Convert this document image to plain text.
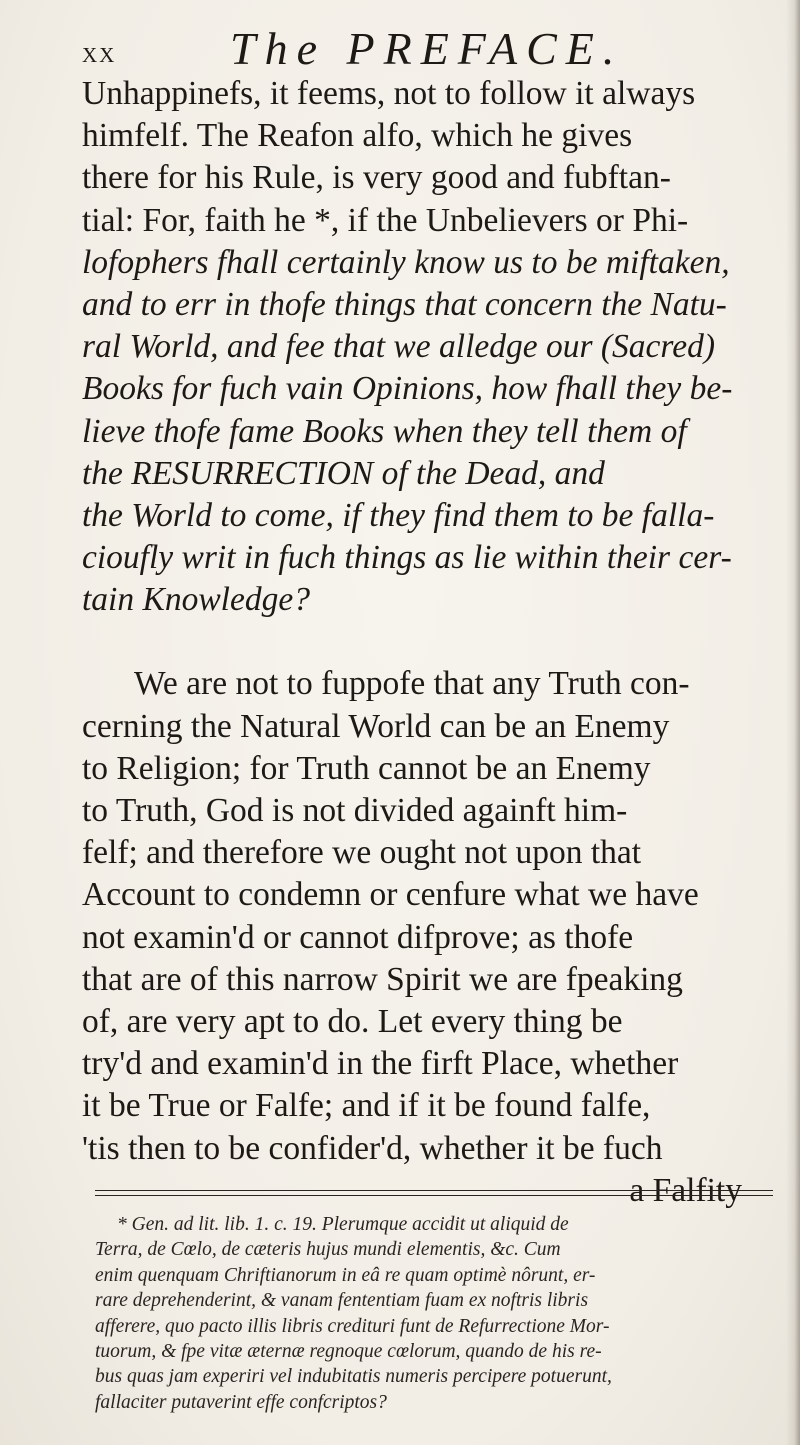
xx The PREFACE.
Unhappinefs, it feems, not to follow it always
himfelf. The Reafon alfo, which he gives
there for his Rule, is very good and fubftan-
tial: For, faith he *, if the Unbelievers or Phi-
lofophers fhall certainly know us to be miftaken,
and to err in thofe things that concern the Natu-
ral World, and fee that we alledge our (Sacred)
Books for fuch vain Opinions, how fhall they be-
lieve thofe fame Books when they tell them of
the RESURRECTION of the Dead, and
the World to come, if they find them to be falla-
cioufly writ in fuch things as lie within their cer-
tain Knowledge?
We are not to fuppofe that any Truth con-
cerning the Natural World can be an Enemy
to Religion; for Truth cannot be an Enemy
to Truth, God is not divided againft him-
felf; and therefore we ought not upon that
Account to condemn or cenfure what we have
not examin'd or cannot difprove; as thofe
that are of this narrow Spirit we are fpeaking
of, are very apt to do. Let every thing be
try'd and examin'd in the firft Place, whether
it be True or Falfe; and if it be found falfe,
'tis then to be confider'd, whether it be fuch
a Falfity
* Gen. ad lit. lib. 1. c. 19. Plerumque accidit ut aliquid de
Terra, de Cœlo, de cæteris hujus mundi elementis, &c. Cum
enim quenquam Chriftianorum in eâ re quam optimè nôrunt, er-
rare deprehenderint, & vanam fententiam fuam ex noftris libris
afferere, quo pacto illis libris credituri funt de Refurrectione Mor-
tuorum, & fpe vitæ æternæ regnoque cœlorum, quando de his re-
bus quas jam experiri vel indubitatis numeris percipere potuerunt,
fallaciter putaverint effe confcriptos?
